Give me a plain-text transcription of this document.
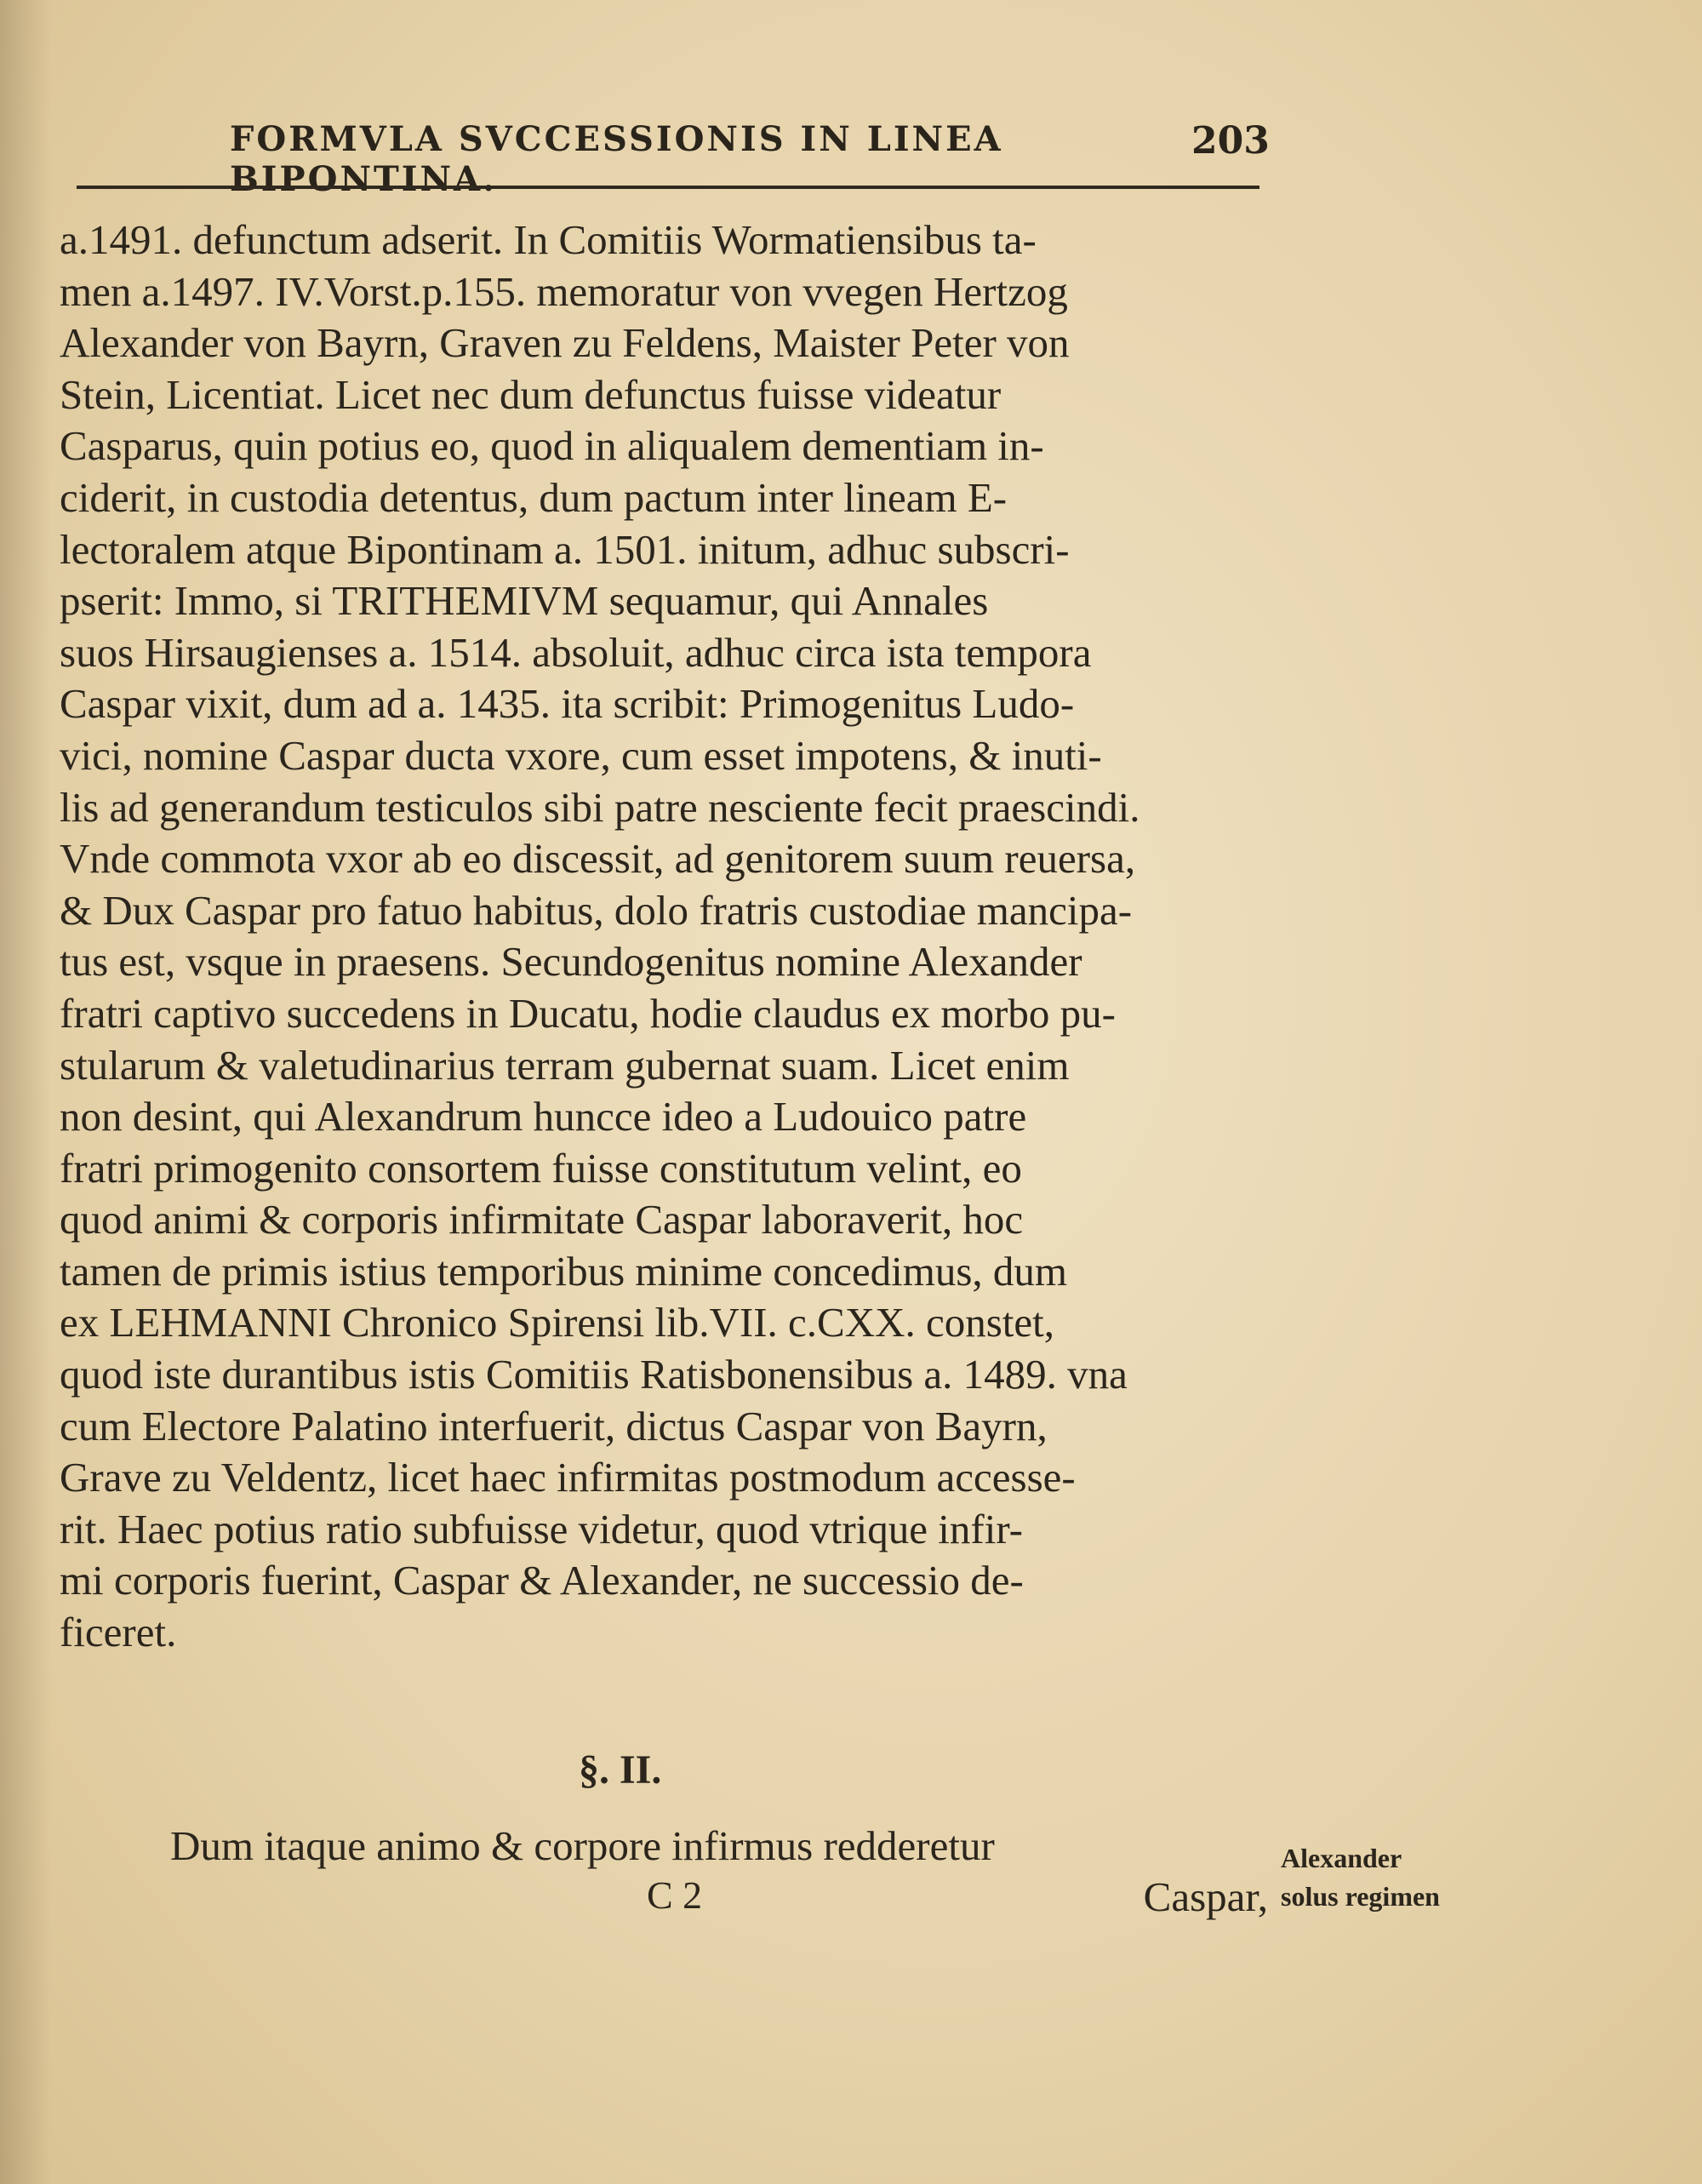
FORMVLA SVCCESSIONIS IN LINEA BIPONTINA.
203
a.1491. defunctum adserit. In Comitiis Wormatiensibus ta-
men a.1497. IV.Vorst.p.155. memoratur von vvegen Hertzog
Alexander von Bayrn, Graven zu Feldens, Maister Peter von
Stein, Licentiat. Licet nec dum defunctus fuisse videatur
Casparus, quin potius eo, quod in aliqualem dementiam in-
ciderit, in custodia detentus, dum pactum inter lineam E-
lectoralem atque Bipontinam a. 1501. initum, adhuc subscri-
pserit: Immo, si TRITHEMIVM sequamur, qui Annales
suos Hirsaugienses a. 1514. absoluit, adhuc circa ista tempora
Caspar vixit, dum ad a. 1435. ita scribit: Primogenitus Ludo-
vici, nomine Caspar ducta vxore, cum esset impotens, & inuti-
lis ad generandum testiculos sibi patre nesciente fecit praescindi.
Vnde commota vxor ab eo discessit, ad genitorem suum reuersa,
& Dux Caspar pro fatuo habitus, dolo fratris custodiae mancipa-
tus est, vsque in praesens. Secundogenitus nomine Alexander
fratri captivo succedens in Ducatu, hodie claudus ex morbo pu-
stularum & valetudinarius terram gubernat suam. Licet enim
non desint, qui Alexandrum huncce ideo a Ludouico patre
fratri primogenito consortem fuisse constitutum velint, eo
quod animi & corporis infirmitate Caspar laboraverit, hoc
tamen de primis istius temporibus minime concedimus, dum
ex LEHMANNI Chronico Spirensi lib.VII. c.CXX. constet,
quod iste durantibus istis Comitiis Ratisbonensibus a. 1489. vna
cum Electore Palatino interfuerit, dictus Caspar von Bayrn,
Grave zu Veldentz, licet haec infirmitas postmodum accesse-
rit. Haec potius ratio subfuisse videtur, quod vtrique infir-
mi corporis fuerint, Caspar & Alexander, ne successio de-
ficeret.
§. II.
Dum itaque animo & corpore infirmus redderetur
C 2	Caspar,
Alexander
solus regimen
